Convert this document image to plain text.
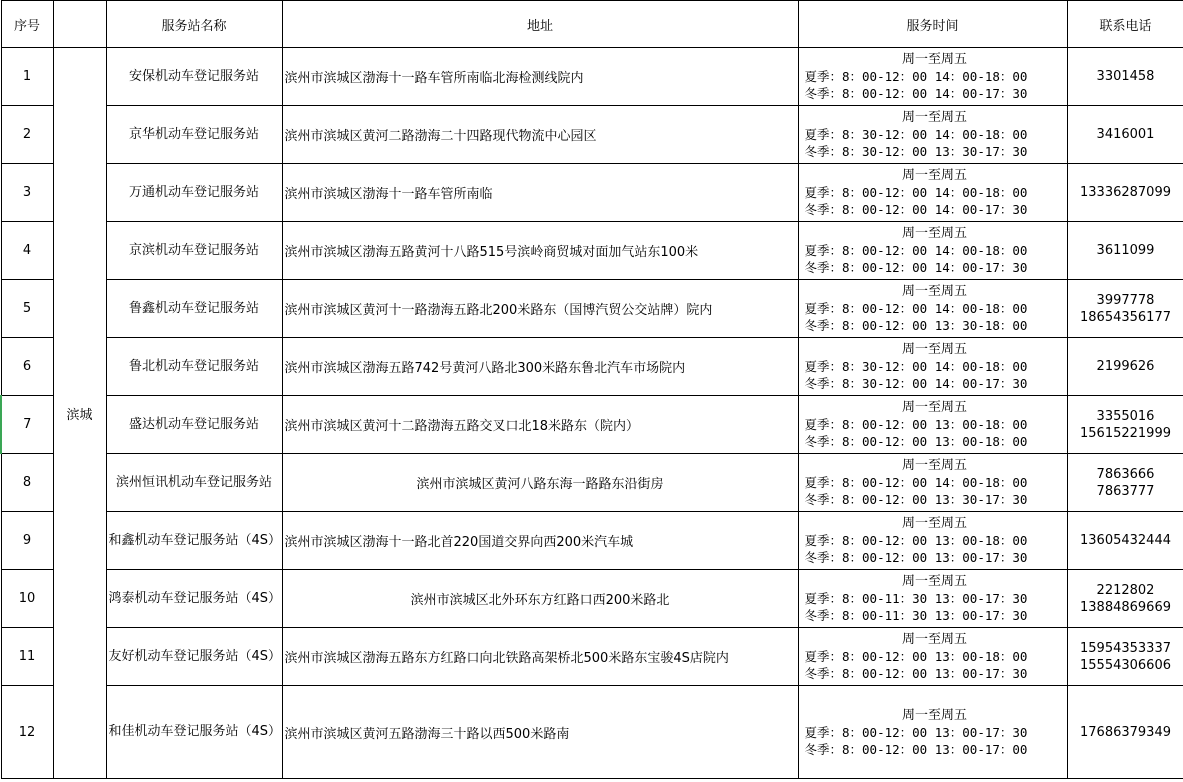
序号		服务站名称	地址	服务时间	联系电话
1	滨城	安保机动车登记服务站	滨州市滨城区渤海十一路车管所南临北海检测线院内	周一至周五
夏季：8：00-12：00 14：00-18：00
冬季：8：00-12：00 14：00-17：30	3301458

2		京华机动车登记服务站	滨州市滨城区黄河二路渤海二十四路现代物流中心园区	周一至周五
夏季：8：30-12：00 14：00-18：00
冬季：8：30-12：00 13：30-17：30	3416001

3		万通机动车登记服务站	滨州市滨城区渤海十一路车管所南临	周一至周五
夏季：8：00-12：00 14：00-18：00
冬季：8：00-12：00 14：00-17：30	13336287099

4		京滨机动车登记服务站	滨州市滨城区渤海五路黄河十八路515号滨岭商贸城对面加气站东100米	周一至周五
夏季：8：00-12：00 14：00-18：00
冬季：8：00-12：00 14：00-17：30	3611099

5		鲁鑫机动车登记服务站	滨州市滨城区黄河十一路渤海五路北200米路东（国博汽贸公交站牌）院内	周一至周五
夏季：8：00-12：00 14：00-18：00
冬季：8：00-12：00 13：30-18：00	3997778
18654356177

6		鲁北机动车登记服务站	滨州市滨城区渤海五路742号黄河八路北300米路东鲁北汽车市场院内	周一至周五
夏季：8：30-12：00 14：00-18：00
冬季：8：30-12：00 14：00-17：30	2199626

7		盛达机动车登记服务站	滨州市滨城区黄河十二路渤海五路交叉口北18米路东（院内）	周一至周五
夏季：8：00-12：00 13：00-18：00
冬季：8：00-12：00 13：00-18：00	3355016
15615221999

8		滨州恒讯机动车登记服务站	滨州市滨城区黄河八路东海一路路东沿街房	周一至周五
夏季：8：00-12：00 14：00-18：00
冬季：8：00-12：00 13：30-17：30	7863666
7863777

9		和鑫机动车登记服务站（4S）	滨州市滨城区渤海十一路北首220国道交界向西200米汽车城	周一至周五
夏季：8：00-12：00 13：00-18：00
冬季：8：00-12：00 13：00-17：30	13605432444

10		鸿泰机动车登记服务站（4S）	滨州市滨城区北外环东方红路口西200米路北	周一至周五
夏季：8：00-11：30 13：00-17：30
冬季：8：00-11：30 13：00-17：30	2212802
13884869669

11		友好机动车登记服务站（4S）	滨州市滨城区渤海五路东方红路口向北铁路高架桥北500米路东宝骏4S店院内	周一至周五
夏季：8：00-12：00 13：00-18：00
冬季：8：00-12：00 13：00-17：30	15954353337
15554306606

12		和佳机动车登记服务站（4S）	滨州市滨城区黄河五路渤海三十路以西500米路南	周一至周五
夏季：8：00-12：00 13：00-17：30
冬季：8：00-12：00 13：00-17：00	17686379349
